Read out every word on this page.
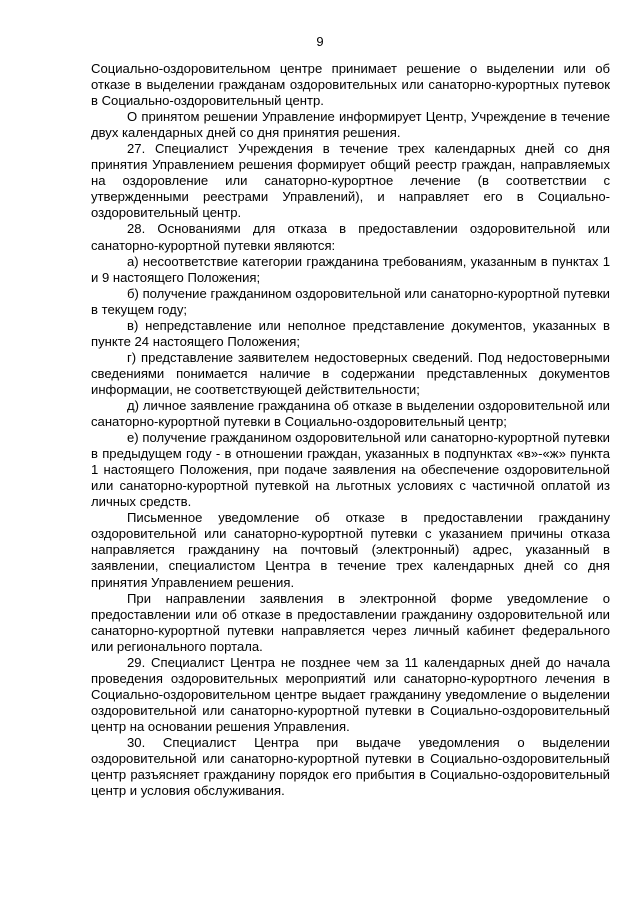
9

Социально-оздоровительном центре принимает решение о выделении или об отказе в выделении гражданам оздоровительных или санаторно-курортных путевок в Социально-оздоровительный центр.

О принятом решении Управление информирует Центр, Учреждение в течение двух календарных дней со дня принятия решения.

27. Специалист Учреждения в течение трех календарных дней со дня принятия Управлением решения формирует общий реестр граждан, направляемых на оздоровление или санаторно-курортное лечение (в соответствии с утвержденными реестрами Управлений), и направляет его в Социально-оздоровительный центр.

28. Основаниями для отказа в предоставлении оздоровительной или санаторно-курортной путевки являются:

а) несоответствие категории гражданина требованиям, указанным в пунктах 1 и 9 настоящего Положения;

б) получение гражданином оздоровительной или санаторно-курортной путевки в текущем году;

в) непредставление или неполное представление документов, указанных в пункте 24 настоящего Положения;

г) представление заявителем недостоверных сведений. Под недостоверными сведениями понимается наличие в содержании представленных документов информации, не соответствующей действительности;

д) личное заявление гражданина об отказе в выделении оздоровительной или санаторно-курортной путевки в Социально-оздоровительный центр;

е) получение гражданином оздоровительной или санаторно-курортной путевки в предыдущем году - в отношении граждан, указанных в подпунктах «в»-«ж» пункта 1 настоящего Положения, при подаче заявления на обеспечение оздоровительной или санаторно-курортной путевкой на льготных условиях с частичной оплатой из личных средств.

Письменное уведомление об отказе в предоставлении гражданину оздоровительной или санаторно-курортной путевки с указанием причины отказа направляется гражданину на почтовый (электронный) адрес, указанный в заявлении, специалистом Центра в течение трех календарных дней со дня принятия Управлением решения.

При направлении заявления в электронной форме уведомление о предоставлении или об отказе в предоставлении гражданину оздоровительной или санаторно-курортной путевки направляется через личный кабинет федерального или регионального портала.

29. Специалист Центра не позднее чем за 11 календарных дней до начала проведения оздоровительных мероприятий или санаторно-курортного лечения в Социально-оздоровительном центре выдает гражданину уведомление о выделении оздоровительной или санаторно-курортной путевки в Социально-оздоровительный центр на основании решения Управления.

30. Специалист Центра при выдаче уведомления о выделении оздоровительной или санаторно-курортной путевки в Социально-оздоровительный центр разъясняет гражданину порядок его прибытия в Социально-оздоровительный центр и условия обслуживания.
